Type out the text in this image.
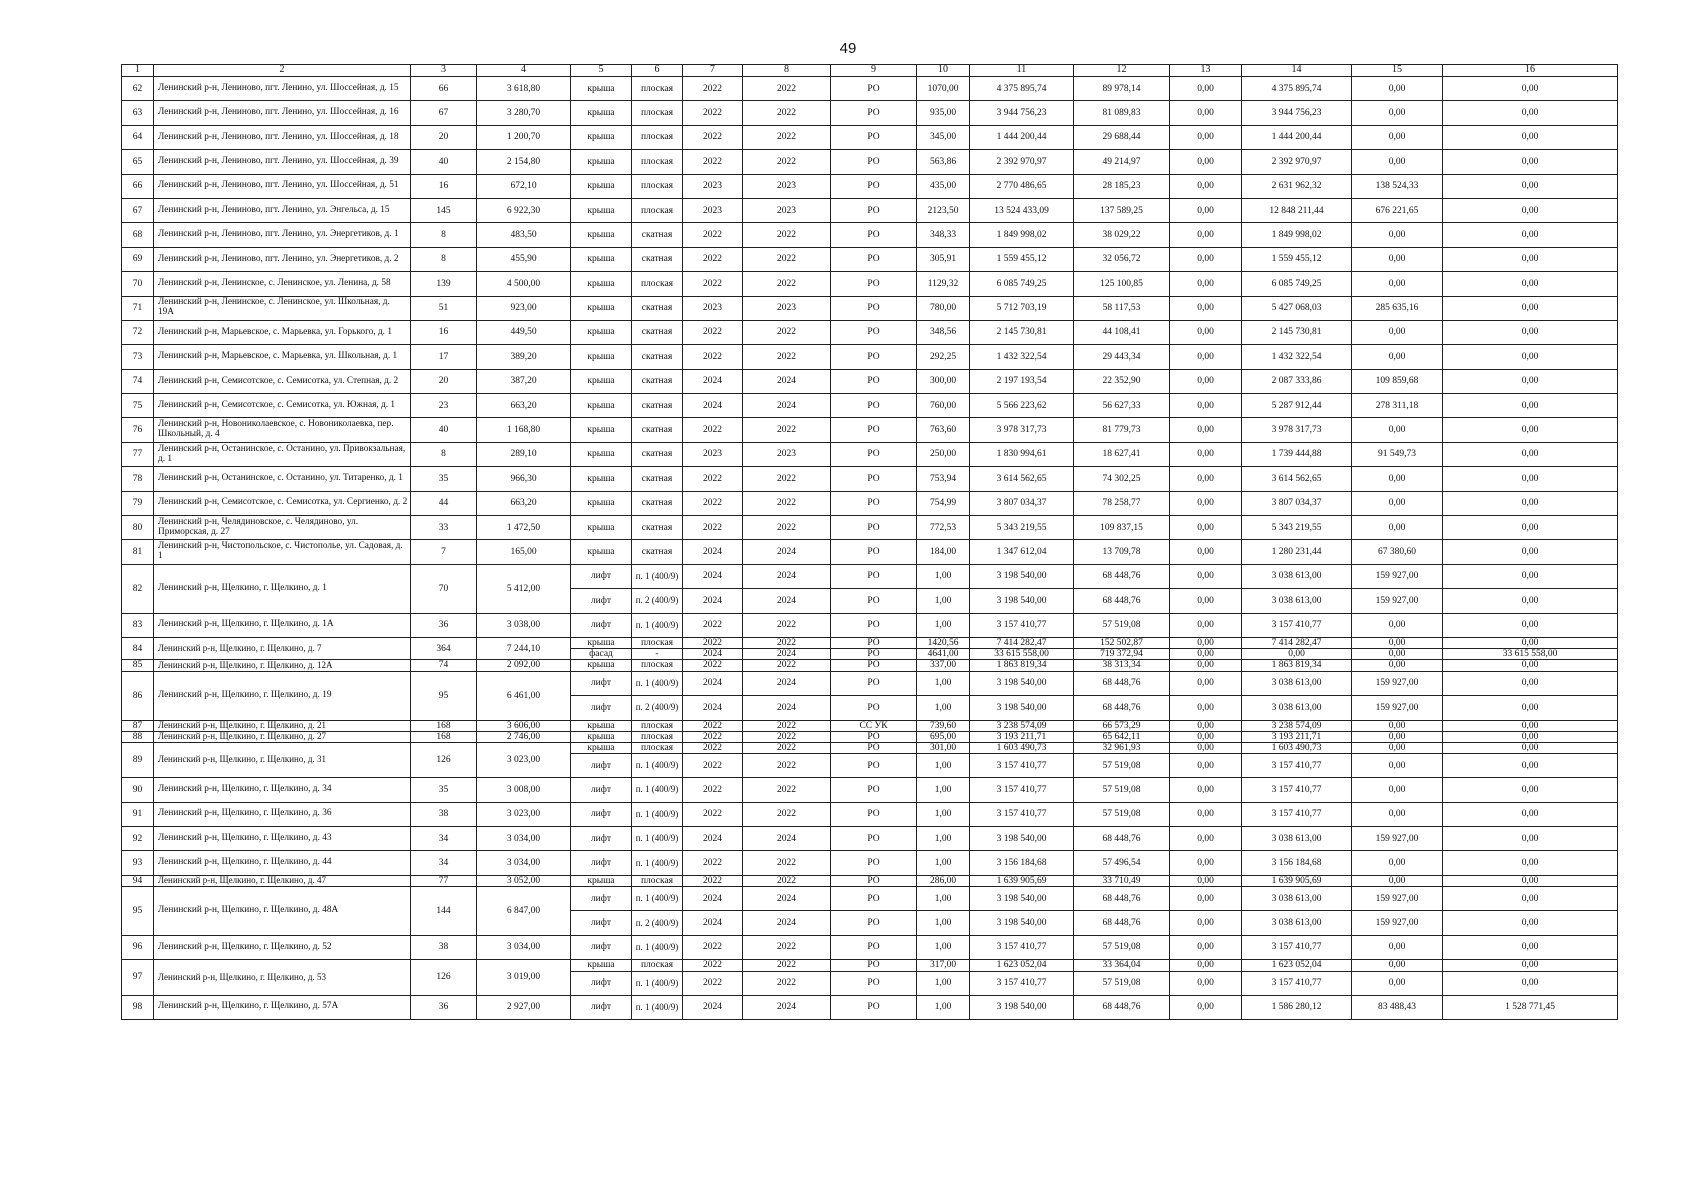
49
1	2	3	4	5	6	7	8	9	10	11	12	13	14	15	16
62	Ленинский р-н, Лениново, пгт. Ленино, ул. Шоссейная, д. 15	66	3 618,80	крыша	плоская	2022	2022	РО	1070,00	4 375 895,74	89 978,14	0,00	4 375 895,74	0,00	0,00
63	Ленинский р-н, Лениново, пгт. Ленино, ул. Шоссейная, д. 16	67	3 280,70	крыша	плоская	2022	2022	РО	935,00	3 944 756,23	81 089,83	0,00	3 944 756,23	0,00	0,00
64	Ленинский р-н, Лениново, пгт. Ленино, ул. Шоссейная, д. 18	20	1 200,70	крыша	плоская	2022	2022	РО	345,00	1 444 200,44	29 688,44	0,00	1 444 200,44	0,00	0,00
65	Ленинский р-н, Лениново, пгт. Ленино, ул. Шоссейная, д. 39	40	2 154,80	крыша	плоская	2022	2022	РО	563,86	2 392 970,97	49 214,97	0,00	2 392 970,97	0,00	0,00
66	Ленинский р-н, Лениново, пгт. Ленино, ул. Шоссейная, д. 51	16	672,10	крыша	плоская	2023	2023	РО	435,00	2 770 486,65	28 185,23	0,00	2 631 962,32	138 524,33	0,00
67	Ленинский р-н, Лениново, пгт. Ленино, ул. Энгельса, д. 15	145	6 922,30	крыша	плоская	2023	2023	РО	2123,50	13 524 433,09	137 589,25	0,00	12 848 211,44	676 221,65	0,00
68	Ленинский р-н, Лениново, пгт. Ленино, ул. Энергетиков, д. 1	8	483,50	крыша	скатная	2022	2022	РО	348,33	1 849 998,02	38 029,22	0,00	1 849 998,02	0,00	0,00
69	Ленинский р-н, Лениново, пгт. Ленино, ул. Энергетиков, д. 2	8	455,90	крыша	скатная	2022	2022	РО	305,91	1 559 455,12	32 056,72	0,00	1 559 455,12	0,00	0,00
70	Ленинский р-н, Ленинское, с. Ленинское, ул. Ленина, д. 58	139	4 500,00	крыша	плоская	2022	2022	РО	1129,32	6 085 749,25	125 100,85	0,00	6 085 749,25	0,00	0,00
71	Ленинский р-н, Ленинское, с. Ленинское, ул. Школьная, д. 19А	51	923,00	крыша	скатная	2023	2023	РО	780,00	5 712 703,19	58 117,53	0,00	5 427 068,03	285 635,16	0,00
72	Ленинский р-н, Марьевское, с. Марьевка, ул. Горького, д. 1	16	449,50	крыша	скатная	2022	2022	РО	348,56	2 145 730,81	44 108,41	0,00	2 145 730,81	0,00	0,00
73	Ленинский р-н, Марьевское, с. Марьевка, ул. Школьная, д. 1	17	389,20	крыша	скатная	2022	2022	РО	292,25	1 432 322,54	29 443,34	0,00	1 432 322,54	0,00	0,00
74	Ленинский р-н, Семисотское, с. Семисотка, ул. Степная, д. 2	20	387,20	крыша	скатная	2024	2024	РО	300,00	2 197 193,54	22 352,90	0,00	2 087 333,86	109 859,68	0,00
75	Ленинский р-н, Семисотское, с. Семисотка, ул. Южная, д. 1	23	663,20	крыша	скатная	2024	2024	РО	760,00	5 566 223,62	56 627,33	0,00	5 287 912,44	278 311,18	0,00
76	Ленинский р-н, Новониколаевское, с. Новониколаевка, пер. Школьный, д. 4	40	1 168,80	крыша	скатная	2022	2022	РО	763,60	3 978 317,73	81 779,73	0,00	3 978 317,73	0,00	0,00
77	Ленинский р-н, Останинское, с. Останино, ул. Привокзальная, д. 1	8	289,10	крыша	скатная	2023	2023	РО	250,00	1 830 994,61	18 627,41	0,00	1 739 444,88	91 549,73	0,00
78	Ленинский р-н, Останинское, с. Останино, ул. Титаренко, д. 1	35	966,30	крыша	скатная	2022	2022	РО	753,94	3 614 562,65	74 302,25	0,00	3 614 562,65	0,00	0,00
79	Ленинский р-н, Семисотское, с. Семисотка, ул. Сергиенко, д. 2	44	663,20	крыша	скатная	2022	2022	РО	754,99	3 807 034,37	78 258,77	0,00	3 807 034,37	0,00	0,00
80	Ленинский р-н, Челядиновское, с. Челядиново, ул. Приморская, д. 27	33	1 472,50	крыша	скатная	2022	2022	РО	772,53	5 343 219,55	109 837,15	0,00	5 343 219,55	0,00	0,00
81	Ленинский р-н, Чистопольское, с. Чистополье, ул. Садовая, д. 1	7	165,00	крыша	скатная	2024	2024	РО	184,00	1 347 612,04	13 709,78	0,00	1 280 231,44	67 380,60	0,00
82	Ленинский р-н, Щелкино, г. Щелкино, д. 1	70	5 412,00	лифт	п. 1 (400/9)	2024	2024	РО	1,00	3 198 540,00	68 448,76	0,00	3 038 613,00	159 927,00	0,00
				лифт	п. 2 (400/9)	2024	2024	РО	1,00	3 198 540,00	68 448,76	0,00	3 038 613,00	159 927,00	0,00
83	Ленинский р-н, Щелкино, г. Щелкино, д. 1А	36	3 038,00	лифт	п. 1 (400/9)	2022	2022	РО	1,00	3 157 410,77	57 519,08	0,00	3 157 410,77	0,00	0,00
84	Ленинский р-н, Щелкино, г. Щелкино, д. 7	364	7 244,10	крыша	плоская	2022	2022	РО	1420,56	7 414 282,47	152 502,87	0,00	7 414 282,47	0,00	0,00
				фасад	-	2024	2024	РО	4641,00	33 615 558,00	719 372,94	0,00	0,00	0,00	33 615 558,00
85	Ленинский р-н, Щелкино, г. Щелкино, д. 12А	74	2 092,00	крыша	плоская	2022	2022	РО	337,00	1 863 819,34	38 313,34	0,00	1 863 819,34	0,00	0,00
86	Ленинский р-н, Щелкино, г. Щелкино, д. 19	95	6 461,00	лифт	п. 1 (400/9)	2024	2024	РО	1,00	3 198 540,00	68 448,76	0,00	3 038 613,00	159 927,00	0,00
				лифт	п. 2 (400/9)	2024	2024	РО	1,00	3 198 540,00	68 448,76	0,00	3 038 613,00	159 927,00	0,00
87	Ленинский р-н, Щелкино, г. Щелкино, д. 21	168	3 606,00	крыша	плоская	2022	2022	СС УК	739,60	3 238 574,09	66 573,29	0,00	3 238 574,09	0,00	0,00
88	Ленинский р-н, Щелкино, г. Щелкино, д. 27	168	2 746,00	крыша	плоская	2022	2022	РО	695,00	3 193 211,71	65 642,11	0,00	3 193 211,71	0,00	0,00
89	Ленинский р-н, Щелкино, г. Щелкино, д. 31	126	3 023,00	крыша	плоская	2022	2022	РО	301,00	1 603 490,73	32 961,93	0,00	1 603 490,73	0,00	0,00
				лифт	п. 1 (400/9)	2022	2022	РО	1,00	3 157 410,77	57 519,08	0,00	3 157 410,77	0,00	0,00
90	Ленинский р-н, Щелкино, г. Щелкино, д. 34	35	3 008,00	лифт	п. 1 (400/9)	2022	2022	РО	1,00	3 157 410,77	57 519,08	0,00	3 157 410,77	0,00	0,00
91	Ленинский р-н, Щелкино, г. Щелкино, д. 36	38	3 023,00	лифт	п. 1 (400/9)	2022	2022	РО	1,00	3 157 410,77	57 519,08	0,00	3 157 410,77	0,00	0,00
92	Ленинский р-н, Щелкино, г. Щелкино, д. 43	34	3 034,00	лифт	п. 1 (400/9)	2024	2024	РО	1,00	3 198 540,00	68 448,76	0,00	3 038 613,00	159 927,00	0,00
93	Ленинский р-н, Щелкино, г. Щелкино, д. 44	34	3 034,00	лифт	п. 1 (400/9)	2022	2022	РО	1,00	3 156 184,68	57 496,54	0,00	3 156 184,68	0,00	0,00
94	Ленинский р-н, Щелкино, г. Щелкино, д. 47	77	3 052,00	крыша	плоская	2022	2022	РО	286,00	1 639 905,69	33 710,49	0,00	1 639 905,69	0,00	0,00
95	Ленинский р-н, Щелкино, г. Щелкино, д. 48А	144	6 847,00	лифт	п. 1 (400/9)	2024	2024	РО	1,00	3 198 540,00	68 448,76	0,00	3 038 613,00	159 927,00	0,00
				лифт	п. 2 (400/9)	2024	2024	РО	1,00	3 198 540,00	68 448,76	0,00	3 038 613,00	159 927,00	0,00
96	Ленинский р-н, Щелкино, г. Щелкино, д. 52	38	3 034,00	лифт	п. 1 (400/9)	2022	2022	РО	1,00	3 157 410,77	57 519,08	0,00	3 157 410,77	0,00	0,00
97	Ленинский р-н, Щелкино, г. Щелкино, д. 53	126	3 019,00	крыша	плоская	2022	2022	РО	317,00	1 623 052,04	33 364,04	0,00	1 623 052,04	0,00	0,00
				лифт	п. 1 (400/9)	2022	2022	РО	1,00	3 157 410,77	57 519,08	0,00	3 157 410,77	0,00	0,00
98	Ленинский р-н, Щелкино, г. Щелкино, д. 57А	36	2 927,00	лифт	п. 1 (400/9)	2024	2024	РО	1,00	3 198 540,00	68 448,76	0,00	1 586 280,12	83 488,43	1 528 771,45
